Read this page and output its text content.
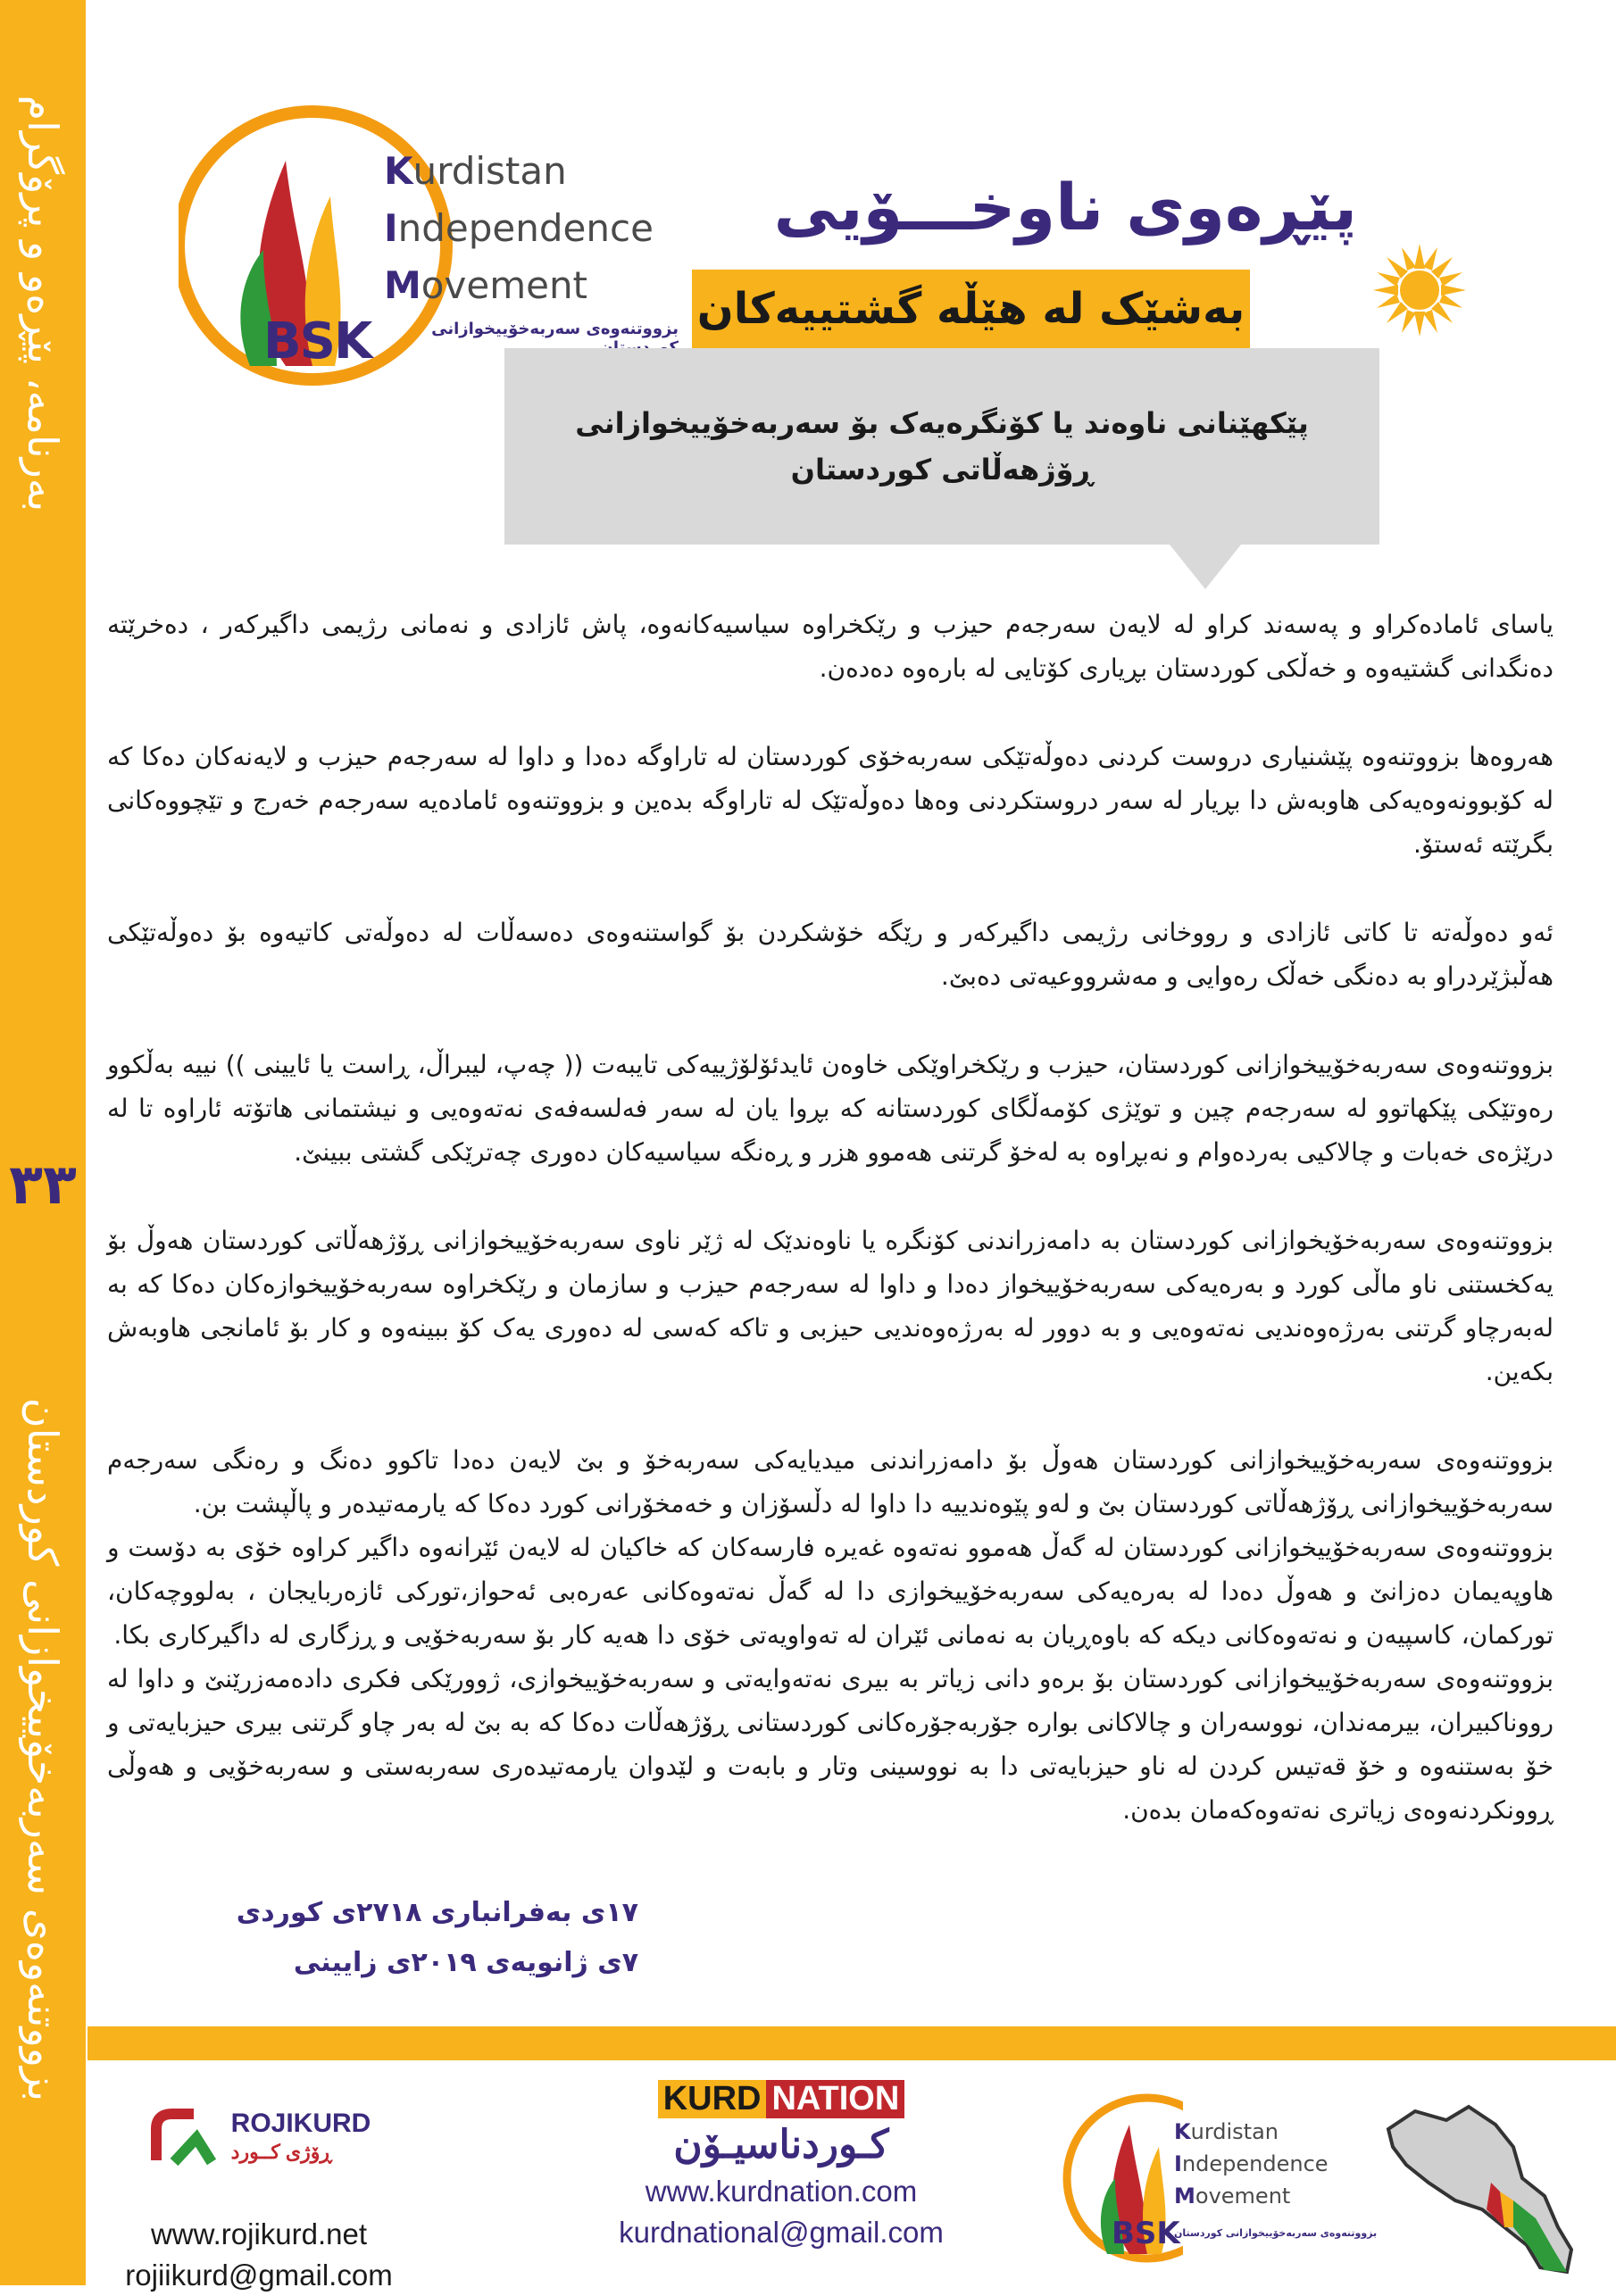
بەرنامە، پێڕەو و پرۆگرام
٣٣
بزووتنەوەی سەربەخۆییخوازانی کوردستان
Kurdistan
Independence
Movement
BSK	بزووتنەوەی سەربەخۆییخوازانی
پێڕەوی ناوخـــۆیی
بەشێک لە هێڵە گشتییەکان

پێکهێنانی ناوەند یا کۆنگرەیەک بۆ سەربەخۆییخوازانی

ڕۆژهەڵاتی کوردستان

یاسای ئامادەکراو و پەسەند کراو لە لایەن سەرجەم حیزب و رێکخراوە سیاسیەکانەوە، پاش ئازادی و نەمانی رژیمی داگیرکەر ، دەخرێتە دەنگدانی گشتیەوە و خەڵکی کوردستان بڕیاری کۆتایی لە بارەوە دەدەن.

هەروەها بزووتنەوە پێشنیاری دروست کردنی دەوڵەتێکی سەربەخۆی کوردستان لە تاراوگە دەدا و داوا لە سەرجەم حیزب و لایەنەکان دەکا کە لە کۆبوونەوەیەکی هاوبەش دا بڕیار لە سەر دروستکردنی وەها دەوڵەتێک لە تاراوگە بدەین و بزووتنەوە ئامادەیە سەرجەم خەرج و تێچووەکانی بگرێتە ئەستۆ.

ئەو دەوڵەتە تا کاتی ئازادی و رووخانی رژیمی داگیرکەر و رێگە خۆشکردن بۆ گواستنەوەی دەسەڵات لە دەوڵەتی کاتیەوە بۆ دەوڵەتێکی هەڵبژێردراو بە دەنگی خەڵک رەوایی و مەشرووعیەتی دەبێ.

بزووتنەوەی سەربەخۆییخوازانی کوردستان، حیزب و رێکخراوێکی خاوەن ئایدئۆلۆژییەکی تایبەت (( چەپ، لیبراڵ، ڕاست یا ئایینی )) نییە بەڵکوو رەوتێکی پێکهاتوو لە سەرجەم چین و توێژی کۆمەڵگای کوردستانە کە بڕوا یان لە سەر فەلسەفەی نەتەوەیی و نیشتمانی هاتۆتە ئاراوە تا لە درێژەی خەبات و چالاکیی بەردەوام و نەبڕاوە بە لەخۆ گرتنی هەموو هزر و ڕەنگە سیاسیەکان دەوری چەترێکی گشتی ببینێ.

بزووتنەوەی سەربەخۆیخوازانی کوردستان بە دامەزراندنی کۆنگرە یا ناوەندێک لە ژێر ناوی سەربەخۆییخوازانی ڕۆژهەڵاتی کوردستان هەوڵ بۆ یەکخستنی ناو ماڵی کورد و بەرەیەکی سەربەخۆییخواز دەدا و داوا لە سەرجەم حیزب و سازمان و رێکخراوە سەربەخۆییخوازەکان دەکا کە بە لەبەرچاو گرتنی بەرژەوەندیی نەتەوەیی و بە دوور لە بەرژەوەندیی حیزبی و تاکە کەسی لە دەوری یەک کۆ ببینەوە و کار بۆ ئامانجی هاوبەش بکەین.

بزووتنەوەی سەربەخۆییخوازانی کوردستان هەوڵ بۆ دامەزراندنی میدیایەکی سەربەخۆ و بێ لایەن دەدا تاکوو دەنگ و رەنگی سەرجەم سەربەخۆییخوازانی ڕۆژهەڵاتی کوردستان بێ و لەو پێوەندییە دا داوا لە دڵسۆزان و خەمخۆرانی کورد دەکا کە یارمەتیدەر و پاڵپشت بن.

بزووتنەوەی سەربەخۆییخوازانی کوردستان لە گەڵ هەموو نەتەوە غەیرە فارسەکان کە خاکیان لە لایەن ئێرانەوە داگیر کراوە خۆی بە دۆست و هاوپەیمان دەزانێ و هەوڵ دەدا لە بەرەیەکی سەربەخۆییخوازی دا لە گەڵ نەتەوەکانی عەرەبی ئەحواز،تورکی ئازەربایجان ، بەلووچەکان، تورکمان، کاسپیەن و نەتەوەکانی دیکە کە باوەڕیان بە نەمانی ئێران لە تەواویەتی خۆی دا هەیە کار بۆ سەربەخۆیی و ڕزگاری لە داگیرکاری بکا.

بزووتنەوەی سەربەخۆییخوازانی کوردستان بۆ برەو دانی زیاتر بە بیری نەتەوایەتی و سەربەخۆییخوازی، ژوورێکی فکری دادەمەزرێنێ و داوا لە رووناکبیران، بیرمەندان، نووسەران و چالاکانی بوارە جۆربەجۆرەکانی کوردستانی ڕۆژهەڵات دەکا کە بە بێ لە بەر چاو گرتنی بیری حیزبایەتی و خۆ بەستنەوە و خۆ قەتیس کردن لە ناو حیزبایەتی دا بە نووسینی وتار و بابەت و لێدوان یارمەتیدەری سەربەستی و سەربەخۆیی و هەوڵی ڕوونکردنەوەی زیاتری نەتەوەکەمان بدەن.

١٧ی بەفرانباری ٢٧١٨ی کوردی
٧ی ژانویەی ٢٠١٩ی زایینی
ROJIKURD
ڕۆژی کــورد
www.rojikurd.net
rojiikurd@gmail.com
KURD NATION
کـوردناسیـۆن
www.kurdnation.com
kurdnational@gmail.com
Kurdistan
Independence
Movement
BSK
بزووتنەوەی سەربەخۆییخوازانی کوردستان
